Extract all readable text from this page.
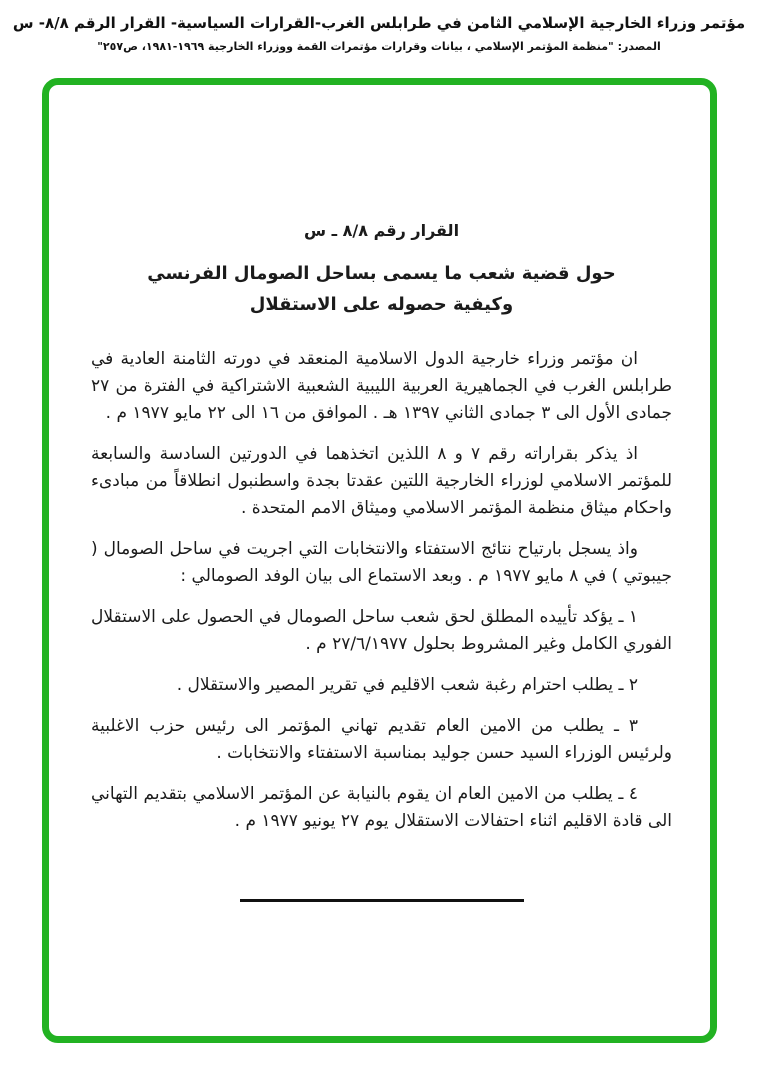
مؤتمر وزراء الخارجية الإسلامي الثامن في طرابلس الغرب-القرارات السياسية- القرار الرقم ٨/٨- س
المصدر: "منظمة المؤتمر الإسلامي ، بيانات وقرارات مؤتمرات القمة ووزراء الخارجية ١٩٦٩-١٩٨١، ص٢٥٧"
القرار رقم ٨/٨ ـ س
حول قضية شعب ما يسمى بساحل الصومال الفرنسي
وكيفية حصوله على الاستقلال

ان مؤتمر وزراء خارجية الدول الاسلامية المنعقد في دورته الثامنة العادية في طرابلس الغرب في الجماهيرية العربية الليبية الشعبية الاشتراكية في الفترة من ٢٧ جمادى الأول الى ٣ جمادى الثاني ١٣٩٧ هـ . الموافق من ١٦ الى ٢٢ مايو ١٩٧٧ م .

اذ يذكر بقراراته رقم ٧ و ٨ اللذين اتخذهما في الدورتين السادسة والسابعة للمؤتمر الاسلامي لوزراء الخارجية اللتين عقدتا بجدة واسطنبول انطلاقاً من مبادىء واحكام ميثاق منظمة المؤتمر الاسلامي وميثاق الامم المتحدة .

واذ يسجل بارتياح نتائج الاستفتاء والانتخابات التي اجريت في ساحل الصومال ( جيبوتي ) في ٨ مايو ١٩٧٧ م . وبعد الاستماع الى بيان الوفد الصومالي :

١ ـ يؤكد تأييده المطلق لحق شعب ساحل الصومال في الحصول على الاستقلال الفوري الكامل وغير المشروط بحلول ٢٧/٦/١٩٧٧ م .

٢ ـ يطلب احترام رغبة شعب الاقليم في تقرير المصير والاستقلال .

٣ ـ يطلب من الامين العام تقديم تهاني المؤتمر الى رئيس حزب الاغلبية ولرئيس الوزراء السيد حسن جوليد بمناسبة الاستفتاء والانتخابات .

٤ ـ يطلب من الامين العام ان يقوم بالنيابة عن المؤتمر الاسلامي بتقديم التهاني الى قادة الاقليم اثناء احتفالات الاستقلال يوم ٢٧ يونيو ١٩٧٧ م .
